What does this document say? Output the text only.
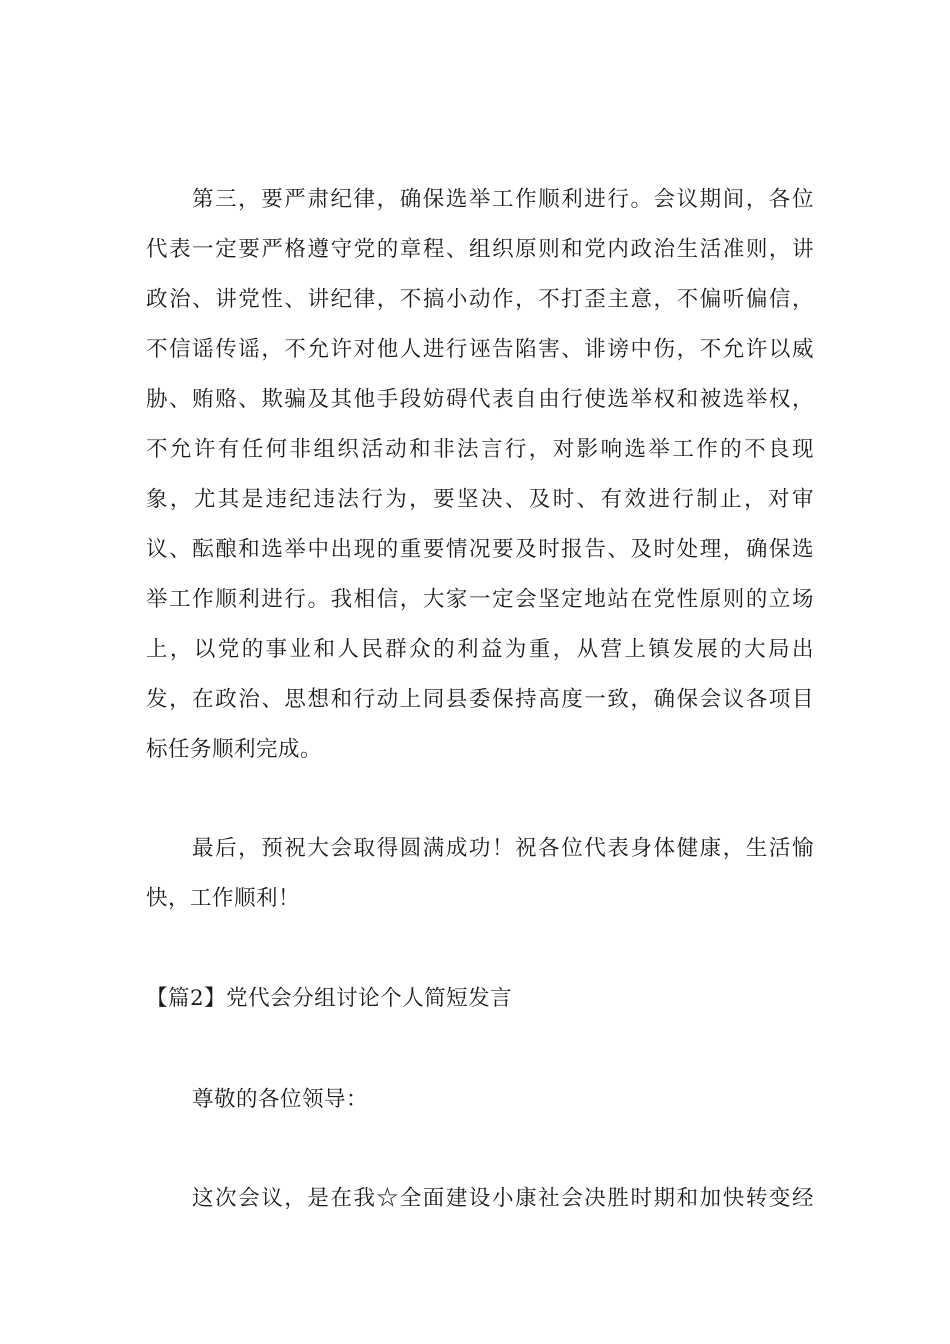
第三，要严肃纪律，确保选举工作顺利进行。会议期间，各位
代表一定要严格遵守党的章程、组织原则和党内政治生活准则，讲
政治、讲党性、讲纪律，不搞小动作，不打歪主意，不偏听偏信，
不信谣传谣，不允许对他人进行诬告陷害、诽谤中伤，不允许以威
胁、贿赂、欺骗及其他手段妨碍代表自由行使选举权和被选举权，
不允许有任何非组织活动和非法言行，对影响选举工作的不良现
象，尤其是违纪违法行为，要坚决、及时、有效进行制止，对审
议、酝酿和选举中出现的重要情况要及时报告、及时处理，确保选
举工作顺利进行。我相信，大家一定会坚定地站在党性原则的立场
上，以党的事业和人民群众的利益为重，从营上镇发展的大局出
发，在政治、思想和行动上同县委保持高度一致，确保会议各项目
标任务顺利完成。
最后，预祝大会取得圆满成功！祝各位代表身体健康，生活愉
快，工作顺利！
【篇2】党代会分组讨论个人简短发言
尊敬的各位领导：
这次会议，是在我☆全面建设小康社会决胜时期和加快转变经
